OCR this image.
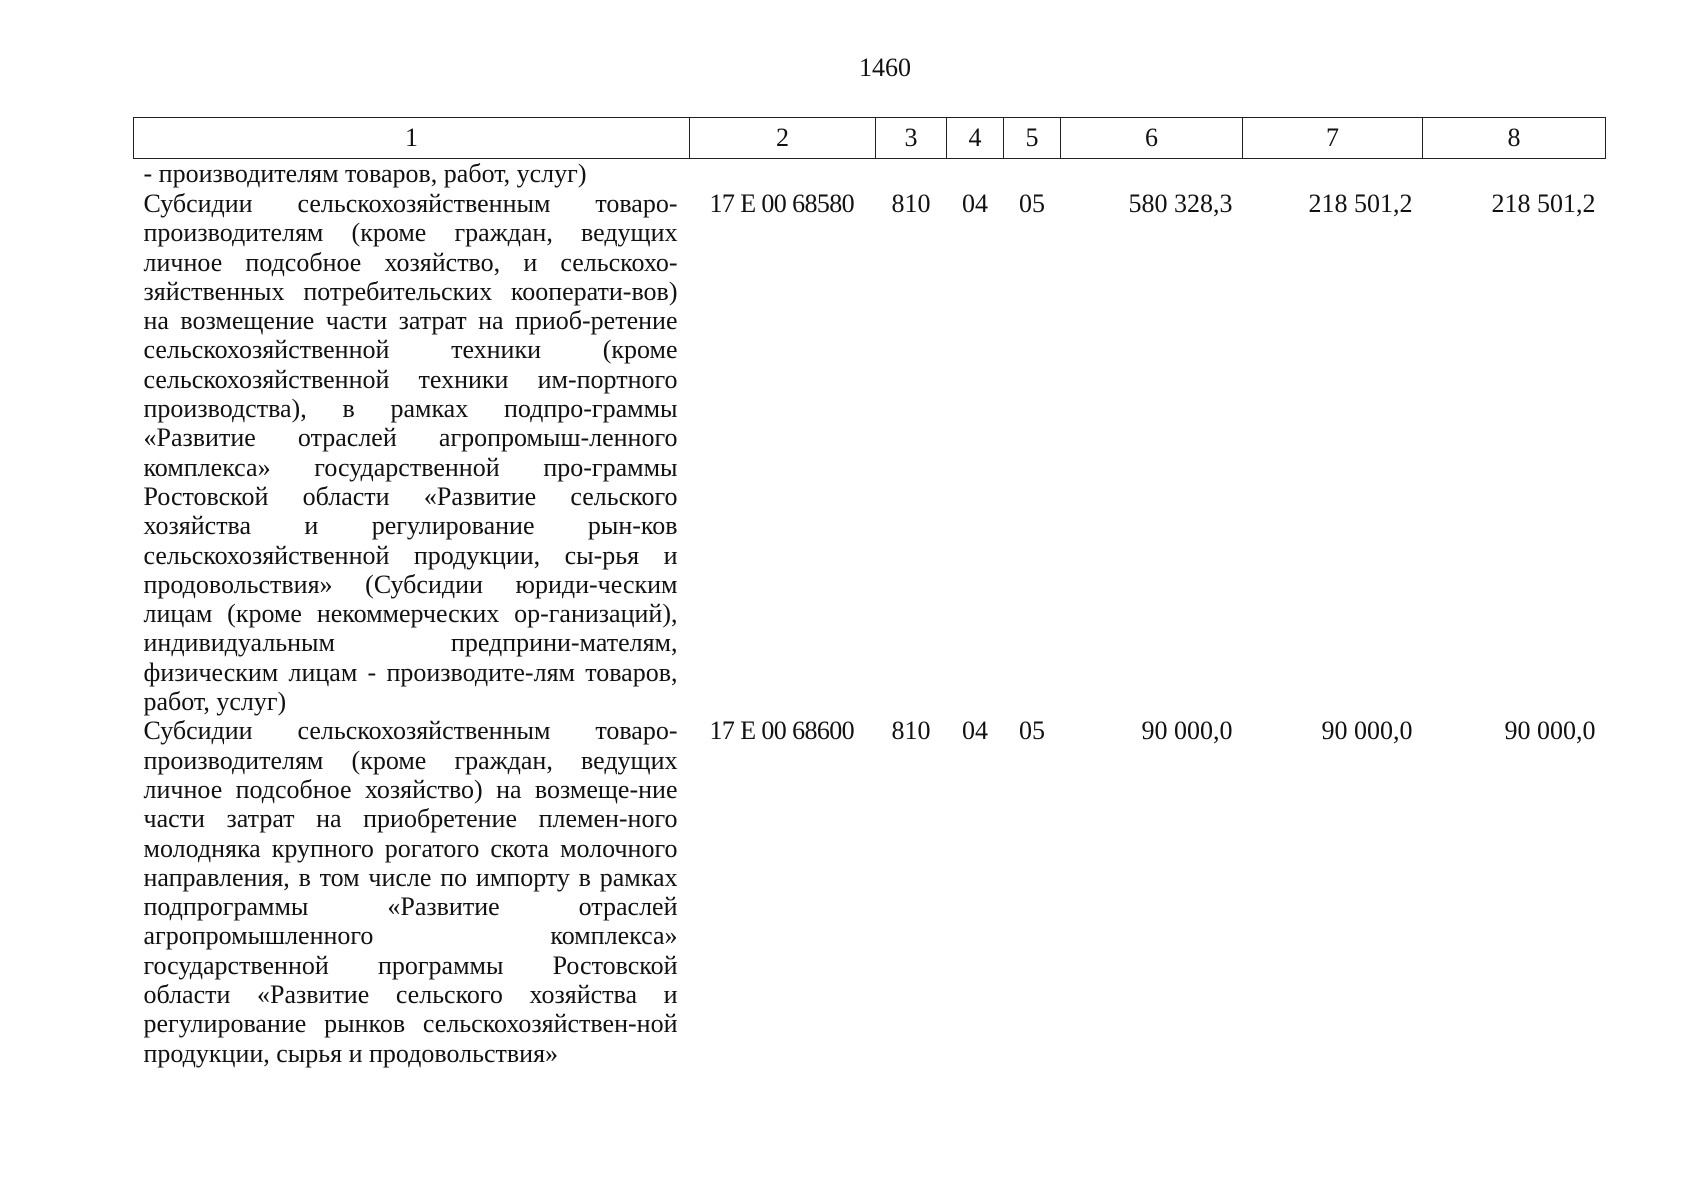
1460
1	2	3	4	5	6	7	8
- производителям товаров, работ, услуг)							
Субсидии сельскохозяйственным товаро-производителям (кроме граждан, ведущих личное подсобное хозяйство, и сельскохо-зяйственных потребительских кооперати-вов) на возмещение части затрат на приоб-ретение сельскохозяйственной техники (кроме сельскохозяйственной техники им-портного производства), в рамках подпро-граммы «Развитие отраслей агропромыш-ленного комплекса» государственной про-граммы Ростовской области «Развитие сельского хозяйства и регулирование рын-ков сельскохозяйственной продукции, сы-рья и продовольствия» (Субсидии юриди-ческим лицам (кроме некоммерческих ор-ганизаций), индивидуальным предприни-мателям, физическим лицам - производите-лям товаров, работ, услуг)	17 Е 00 68580	810	04	05	580 328,3	218 501,2	218 501,2
Субсидии сельскохозяйственным товаро-производителям (кроме граждан, ведущих личное подсобное хозяйство) на возмеще-ние части затрат на приобретение племен-ного молодняка крупного рогатого скота молочного направления, в том числе по импорту в рамках подпрограммы «Развитие отраслей агропромышленного комплекса» государственной программы Ростовской области «Развитие сельского хозяйства и регулирование рынков сельскохозяйствен-ной продукции, сырья и продовольствия»	17 Е 00 68600	810	04	05	90 000,0	90 000,0	90 000,0
